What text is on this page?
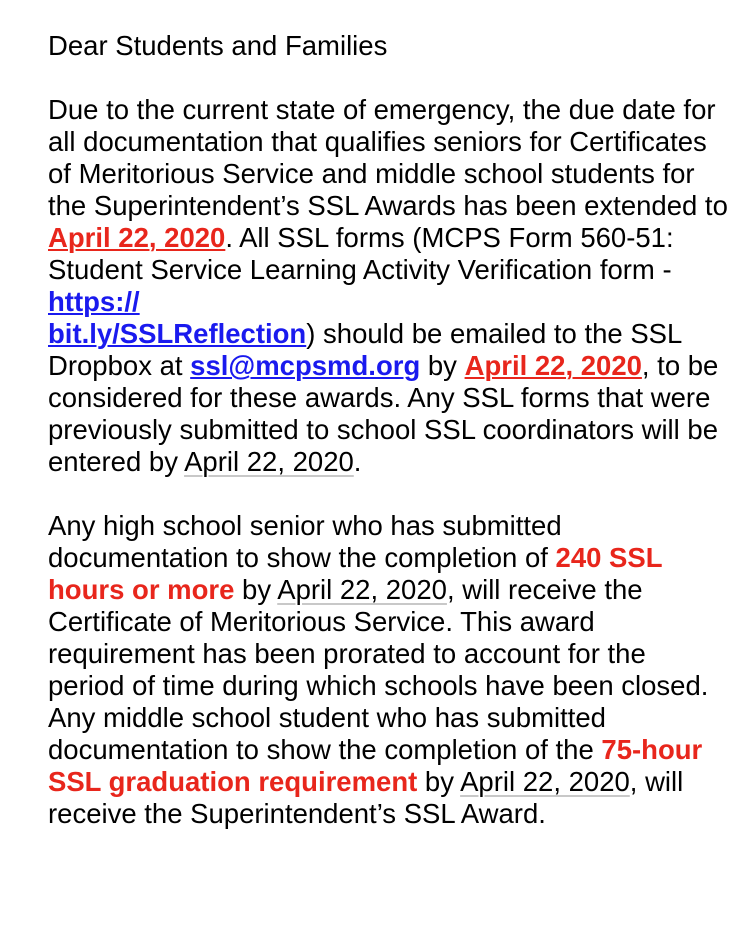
Dear Students and Families
Due to the current state of emergency, the due date for all documentation that qualifies seniors for Certificates of Meritorious Service and middle school students for the Superintendent’s SSL Awards has been extended to April 22, 2020. All SSL forms (MCPS Form 560-51: Student Service Learning Activity Verification form - https://
bit.ly/SSLReflection) should be emailed to the SSL Dropbox at ssl@mcpsmd.org by April 22, 2020, to be considered for these awards. Any SSL forms that were previously submitted to school SSL coordinators will be entered by April 22, 2020.
Any high school senior who has submitted documentation to show the completion of 240 SSL hours or more by April 22, 2020, will receive the Certificate of Meritorious Service. This award requirement has been prorated to account for the period of time during which schools have been closed. Any middle school student who has submitted documentation to show the completion of the 75-hour SSL graduation requirement by April 22, 2020, will receive the Superintendent’s SSL Award.
